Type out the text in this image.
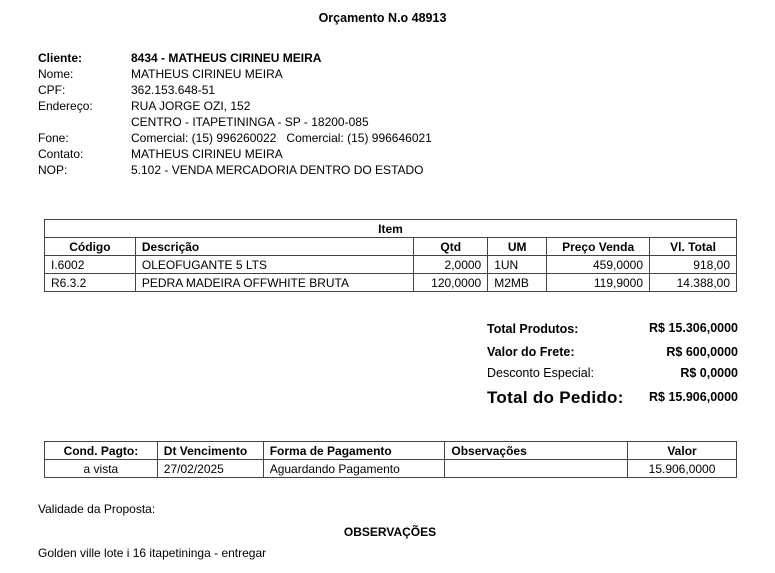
Orçamento N.o 48913
Cliente:	8434 - MATHEUS CIRINEU MEIRA
Nome:	MATHEUS CIRINEU MEIRA
CPF:	362.153.648-51
Endereço:	RUA JORGE OZI, 152
CENTRO - ITAPETININGA - SP - 18200-085
Fone:	Comercial: (15) 996260022   Comercial: (15) 996646021
Contato:	MATHEUS CIRINEU MEIRA
NOP:	5.102 - VENDA MERCADORIA DENTRO DO ESTADO
Item					
Código	Descrição	Qtd	UM	Preço Venda	Vl. Total
I.6002	OLEOFUGANTE 5 LTS	2,0000	1UN	459,0000	918,00
R6.3.2	PEDRA MADEIRA OFFWHITE BRUTA	120,0000	M2MB	119,9000	14.388,00
Total Produtos:	R$ 15.306,0000
Valor do Frete:	R$ 600,0000
Desconto Especial:	R$ 0,0000
Total do Pedido: R$ 15.906,0000
Cond. Pagto:	Dt Vencimento	Forma de Pagamento	Observações	Valor
a vista	27/02/2025	Aguardando Pagamento		15.906,0000
Validade da Proposta:
OBSERVAÇÕES
Golden ville lote i 16 itapetininga - entregar
